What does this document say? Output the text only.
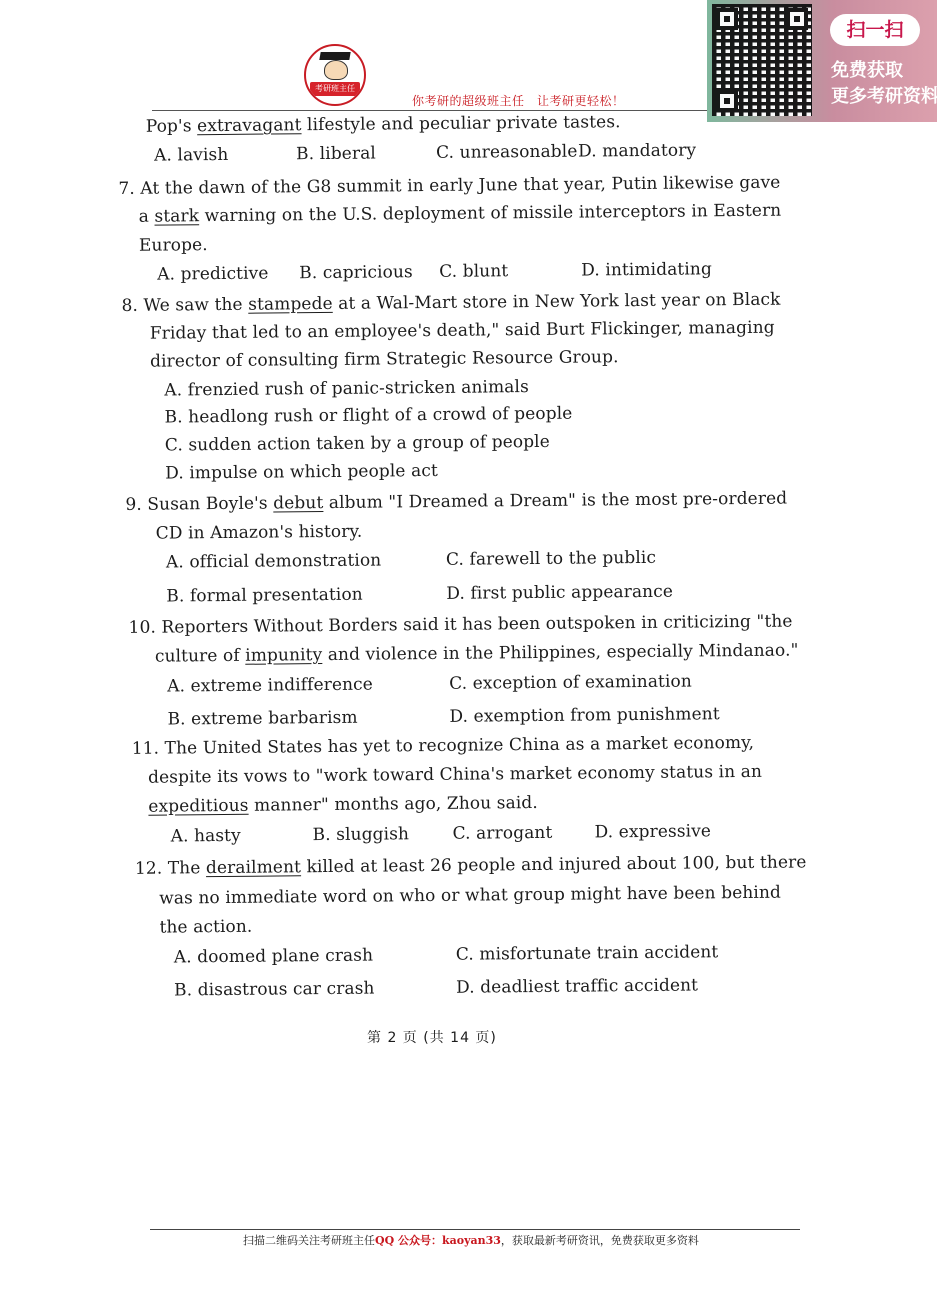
考研班主任
你考研的超级班主任　让考研更轻松！
扫一扫
免费获取
更多考研资料
Pop's extravagant lifestyle and peculiar private tastes.
A. lavish	B. liberal	C. unreasonable D. mandatory
7. At the dawn of the G8 summit in early June that year, Putin likewise gave
a stark warning on the U.S. deployment of missile interceptors in Eastern
Europe.
A. predictive B. capricious C. blunt	D. intimidating
8. We saw the stampede at a Wal-Mart store in New York last year on Black
Friday that led to an employee's death," said Burt Flickinger, managing
director of consulting firm Strategic Resource Group.
A. frenzied rush of panic-stricken animals
B. headlong rush or flight of a crowd of people
C. sudden action taken by a group of people
D. impulse on which people act
9. Susan Boyle's debut album "I Dreamed a Dream" is the most pre-ordered
CD in Amazon's history.
A. official demonstration	C. farewell to the public
B. formal presentation	D. first public appearance
10. Reporters Without Borders said it has been outspoken in criticizing "the
culture of impunity and violence in the Philippines, especially Mindanao."
A. extreme indifference	C. exception of examination
B. extreme barbarism	D. exemption from punishment
11. The United States has yet to recognize China as a market economy,
despite its vows to "work toward China's market economy status in an
expeditious manner" months ago, Zhou said.
A. hasty	B. sluggish	C. arrogant D. expressive
12. The derailment killed at least 26 people and injured about 100, but there
was no immediate word on who or what group might have been behind
the action.
A. doomed plane crash	C. misfortunate train accident
B. disastrous car crash	D. deadliest traffic accident
第 2 页 (共 14 页)
扫描二维码关注考研班主任QQ 公众号：kaoyan33，获取最新考研资讯，免费获取更多资料
